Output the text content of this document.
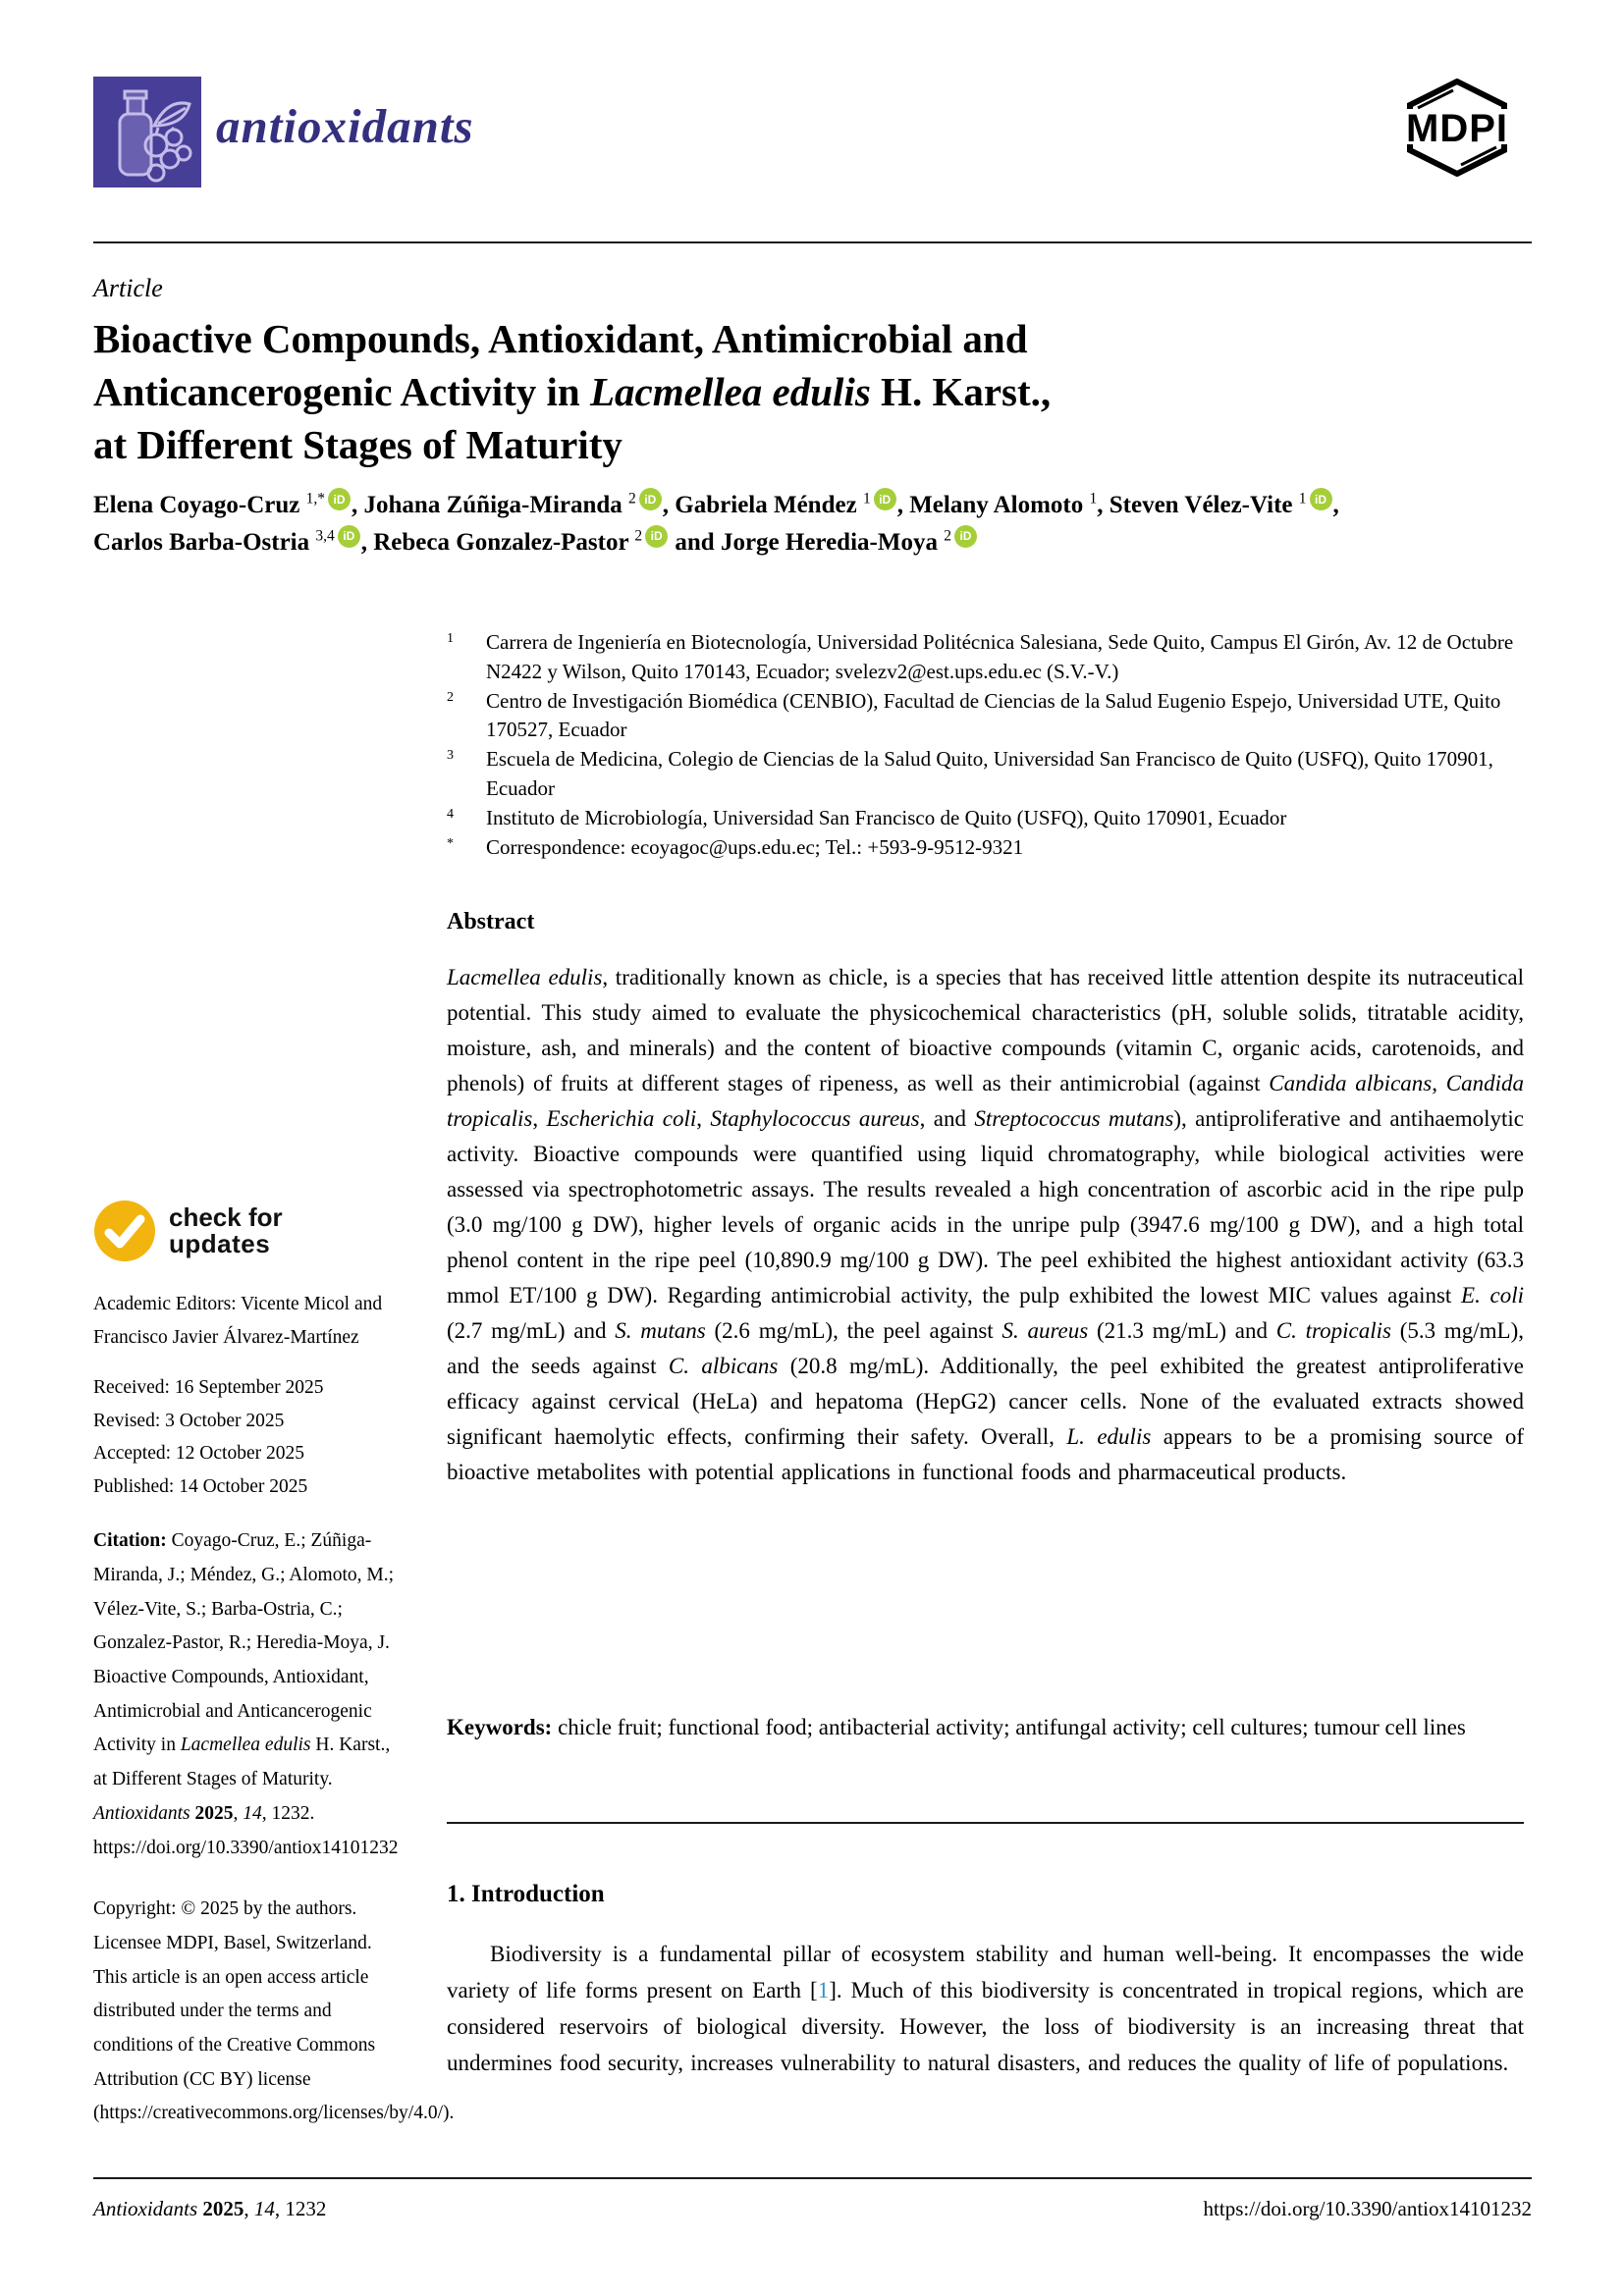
antioxidants	MDPI
Article
Bioactive Compounds, Antioxidant, Antimicrobial and
Anticancerogenic Activity in Lacmellea edulis H. Karst.,
at Different Stages of Maturity
Elena Coyago-Cruz $^{1,*}$ iD , Johana Zúñiga-Miranda $^2$ iD , Gabriela Méndez $^1$ iD , Melany Alomoto $^1$, Steven Vélez-Vite $^1$ iD ,
Carlos Barba-Ostria $^{3,4}$ iD , Rebeca Gonzalez-Pastor $^2$ iD and Jorge Heredia-Moya $^2$ iD
1	Carrera de Ingeniería en Biotecnología, Universidad Politécnica Salesiana, Sede Quito, Campus El Girón, Av. 12 de Octubre N2422 y Wilson, Quito 170143, Ecuador; svelezv2@est.ups.edu.ec (S.V.-V.)
2	Centro de Investigación Biomédica (CENBIO), Facultad de Ciencias de la Salud Eugenio Espejo, Universidad UTE, Quito 170527, Ecuador
3	Escuela de Medicina, Colegio de Ciencias de la Salud Quito, Universidad San Francisco de Quito (USFQ), Quito 170901, Ecuador
4	Instituto de Microbiología, Universidad San Francisco de Quito (USFQ), Quito 170901, Ecuador
*	Correspondence: ecoyagoc@ups.edu.ec; Tel.: +593-9-9512-9321
check for
updates
Academic Editors: Vicente Micol and Francisco Javier Álvarez-Martínez
Received: 16 September 2025
Revised: 3 October 2025
Accepted: 12 October 2025
Published: 14 October 2025
Citation: Coyago-Cruz, E.; Zúñiga-Miranda, J.; Méndez, G.; Alomoto, M.; Vélez-Vite, S.; Barba-Ostria, C.; Gonzalez-Pastor, R.; Heredia-Moya, J. Bioactive Compounds, Antioxidant, Antimicrobial and Anticancerogenic Activity in Lacmellea edulis H. Karst., at Different Stages of Maturity. Antioxidants 2025, 14, 1232. https://doi.org/10.3390/antiox14101232
Copyright: © 2025 by the authors. Licensee MDPI, Basel, Switzerland. This article is an open access article distributed under the terms and conditions of the Creative Commons Attribution (CC BY) license (https://creativecommons.org/licenses/by/4.0/).
Abstract
Lacmellea edulis, traditionally known as chicle, is a species that has received little attention despite its nutraceutical potential. This study aimed to evaluate the physicochemical characteristics (pH, soluble solids, titratable acidity, moisture, ash, and minerals) and the content of bioactive compounds (vitamin C, organic acids, carotenoids, and phenols) of fruits at different stages of ripeness, as well as their antimicrobial (against Candida albicans, Candida tropicalis, Escherichia coli, Staphylococcus aureus, and Streptococcus mutans), antiproliferative and antihaemolytic activity. Bioactive compounds were quantified using liquid chromatography, while biological activities were assessed via spectrophotometric assays. The results revealed a high concentration of ascorbic acid in the ripe pulp (3.0 mg/100 g DW), higher levels of organic acids in the unripe pulp (3947.6 mg/100 g DW), and a high total phenol content in the ripe peel (10,890.9 mg/100 g DW). The peel exhibited the highest antioxidant activity (63.3 mmol ET/100 g DW). Regarding antimicrobial activity, the pulp exhibited the lowest MIC values against E. coli (2.7 mg/mL) and S. mutans (2.6 mg/mL), the peel against S. aureus (21.3 mg/mL) and C. tropicalis (5.3 mg/mL), and the seeds against C. albicans (20.8 mg/mL). Additionally, the peel exhibited the greatest antiproliferative efficacy against cervical (HeLa) and hepatoma (HepG2) cancer cells. None of the evaluated extracts showed significant haemolytic effects, confirming their safety. Overall, L. edulis appears to be a promising source of bioactive metabolites with potential applications in functional foods and pharmaceutical products.
Keywords: chicle fruit; functional food; antibacterial activity; antifungal activity; cell cultures; tumour cell lines
1. Introduction
Biodiversity is a fundamental pillar of ecosystem stability and human well-being. It encompasses the wide variety of life forms present on Earth [1]. Much of this biodiversity is concentrated in tropical regions, which are considered reservoirs of biological diversity. However, the loss of biodiversity is an increasing threat that undermines food security, increases vulnerability to natural disasters, and reduces the quality of life of populations.
Antioxidants 2025, 14, 1232	https://doi.org/10.3390/antiox14101232
